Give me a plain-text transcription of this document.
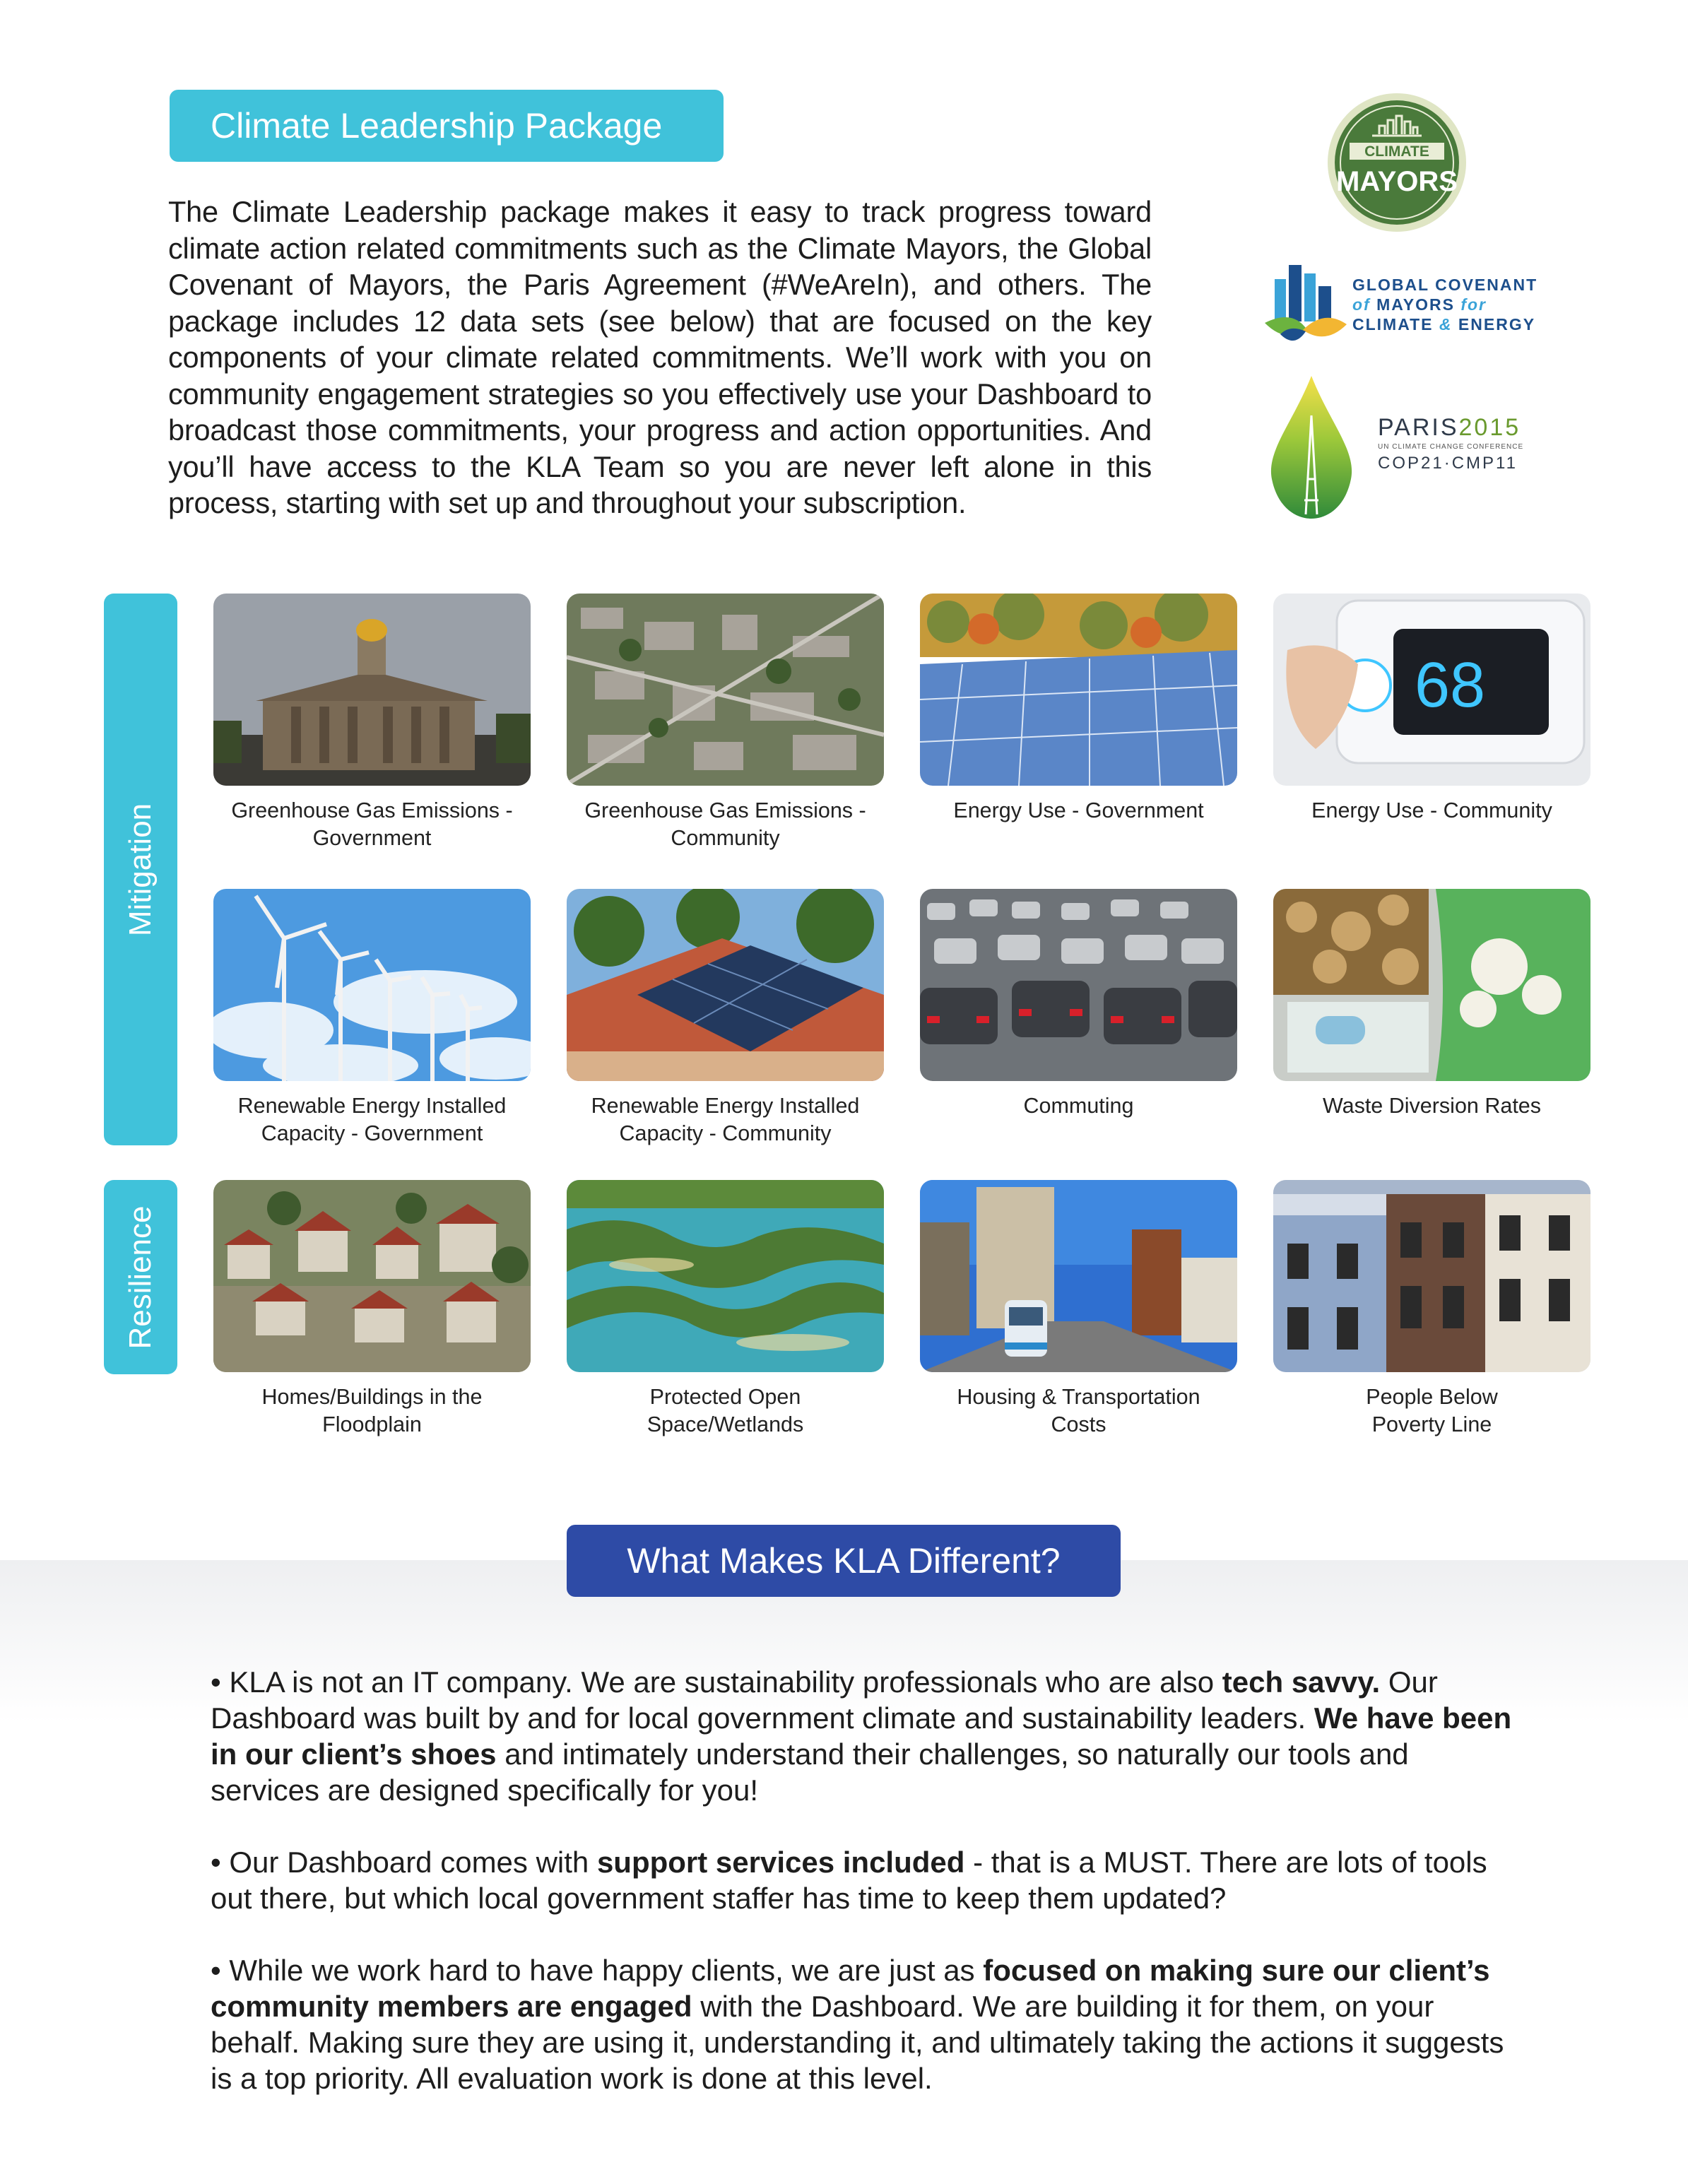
Climate Leadership Package
The Climate Leadership package makes it easy to track progress toward climate action related commitments such as the Climate Mayors, the Global Covenant of Mayors, the Paris Agreement (#WeAreIn), and others. The package includes 12 data sets (see below) that are focused on the key components of your climate related commitments. We’ll work with you on community engagement strategies so you effectively use your Dashboard to broadcast those commitments, your progress and action opportunities. And you’ll have access to the KLA Team so you are never left alone in this process, starting with set up and throughout your subscription.
CLIMATE
MAYORS
GLOBAL COVENANT
of MAYORS for
CLIMATE & ENERGY
PARIS2015
UN CLIMATE CHANGE CONFERENCE
COP21·CMP11
Mitigation
Resilience
Greenhouse Gas Emissions -
Government
Greenhouse Gas Emissions -
Community
Energy Use - Government
68
Energy Use - Community
Renewable Energy Installed
Capacity - Government
Renewable Energy Installed
Capacity - Community
Commuting	Waste Diversion Rates
Homes/Buildings in the
Floodplain
Protected Open
Space/Wetlands
Housing & Transportation
Costs
People Below
Poverty Line
What Makes KLA Different?

• KLA is not an IT company. We are sustainability professionals who are also tech savvy. Our Dashboard was built by and for local government climate and sustainability leaders. We have been in our client’s shoes and intimately understand their challenges, so naturally our tools and services are designed specifically for you!

• Our Dashboard comes with support services included - that is a MUST. There are lots of tools out there, but which local government staffer has time to keep them updated?

• While we work hard to have happy clients, we are just as focused on making sure our client’s community members are engaged with the Dashboard. We are building it for them, on your behalf. Making sure they are using it, understanding it, and ultimately taking the actions it suggests is a top priority. All evaluation work is done at this level.
